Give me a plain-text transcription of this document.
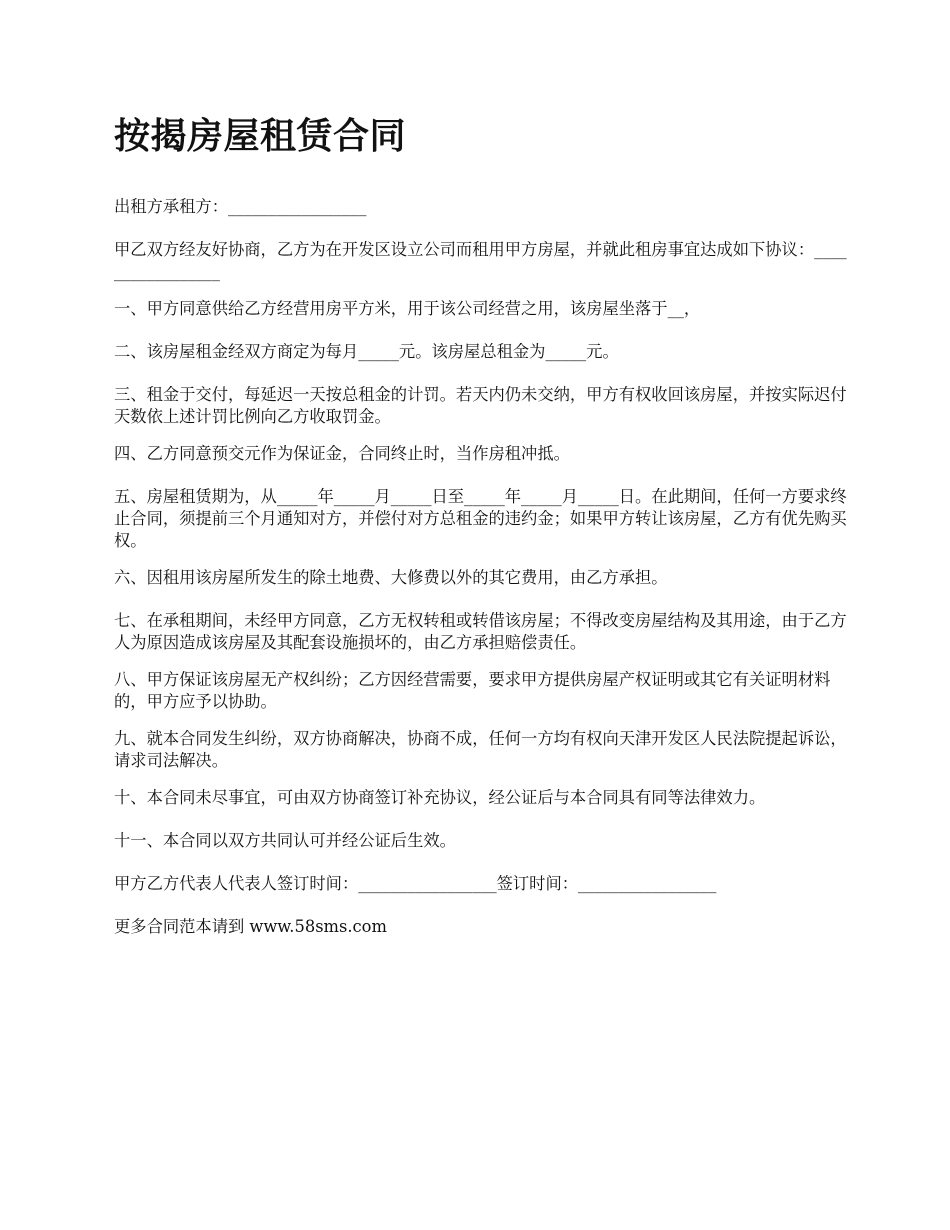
按揭房屋租赁合同

出租方承租方：_________________

甲乙双方经友好协商，乙方为在开发区设立公司而租用甲方房屋，并就此租房事宜达成如下协议：_________________

一、甲方同意供给乙方经营用房平方米，用于该公司经营之用，该房屋坐落于__，

二、该房屋租金经双方商定为每月_____元。该房屋总租金为_____元。

三、租金于交付，每延迟一天按总租金的计罚。若天内仍未交纳，甲方有权收回该房屋，并按实际迟付天数依上述计罚比例向乙方收取罚金。

四、乙方同意预交元作为保证金，合同终止时，当作房租冲抵。

五、房屋租赁期为，从_____年_____月_____日至_____年_____月_____日。在此期间，任何一方要求终止合同，须提前三个月通知对方，并偿付对方总租金的违约金；如果甲方转让该房屋，乙方有优先购买权。

六、因租用该房屋所发生的除土地费、大修费以外的其它费用，由乙方承担。

七、在承租期间，未经甲方同意，乙方无权转租或转借该房屋；不得改变房屋结构及其用途，由于乙方人为原因造成该房屋及其配套设施损坏的，由乙方承担赔偿责任。

八、甲方保证该房屋无产权纠纷；乙方因经营需要，要求甲方提供房屋产权证明或其它有关证明材料的，甲方应予以协助。

九、就本合同发生纠纷，双方协商解决，协商不成，任何一方均有权向天津开发区人民法院提起诉讼，请求司法解决。

十、本合同未尽事宜，可由双方协商签订补充协议，经公证后与本合同具有同等法律效力。

十一、本合同以双方共同认可并经公证后生效。

甲方乙方代表人代表人签订时间：_________________签订时间：_________________

更多合同范本请到 www.58sms.com
